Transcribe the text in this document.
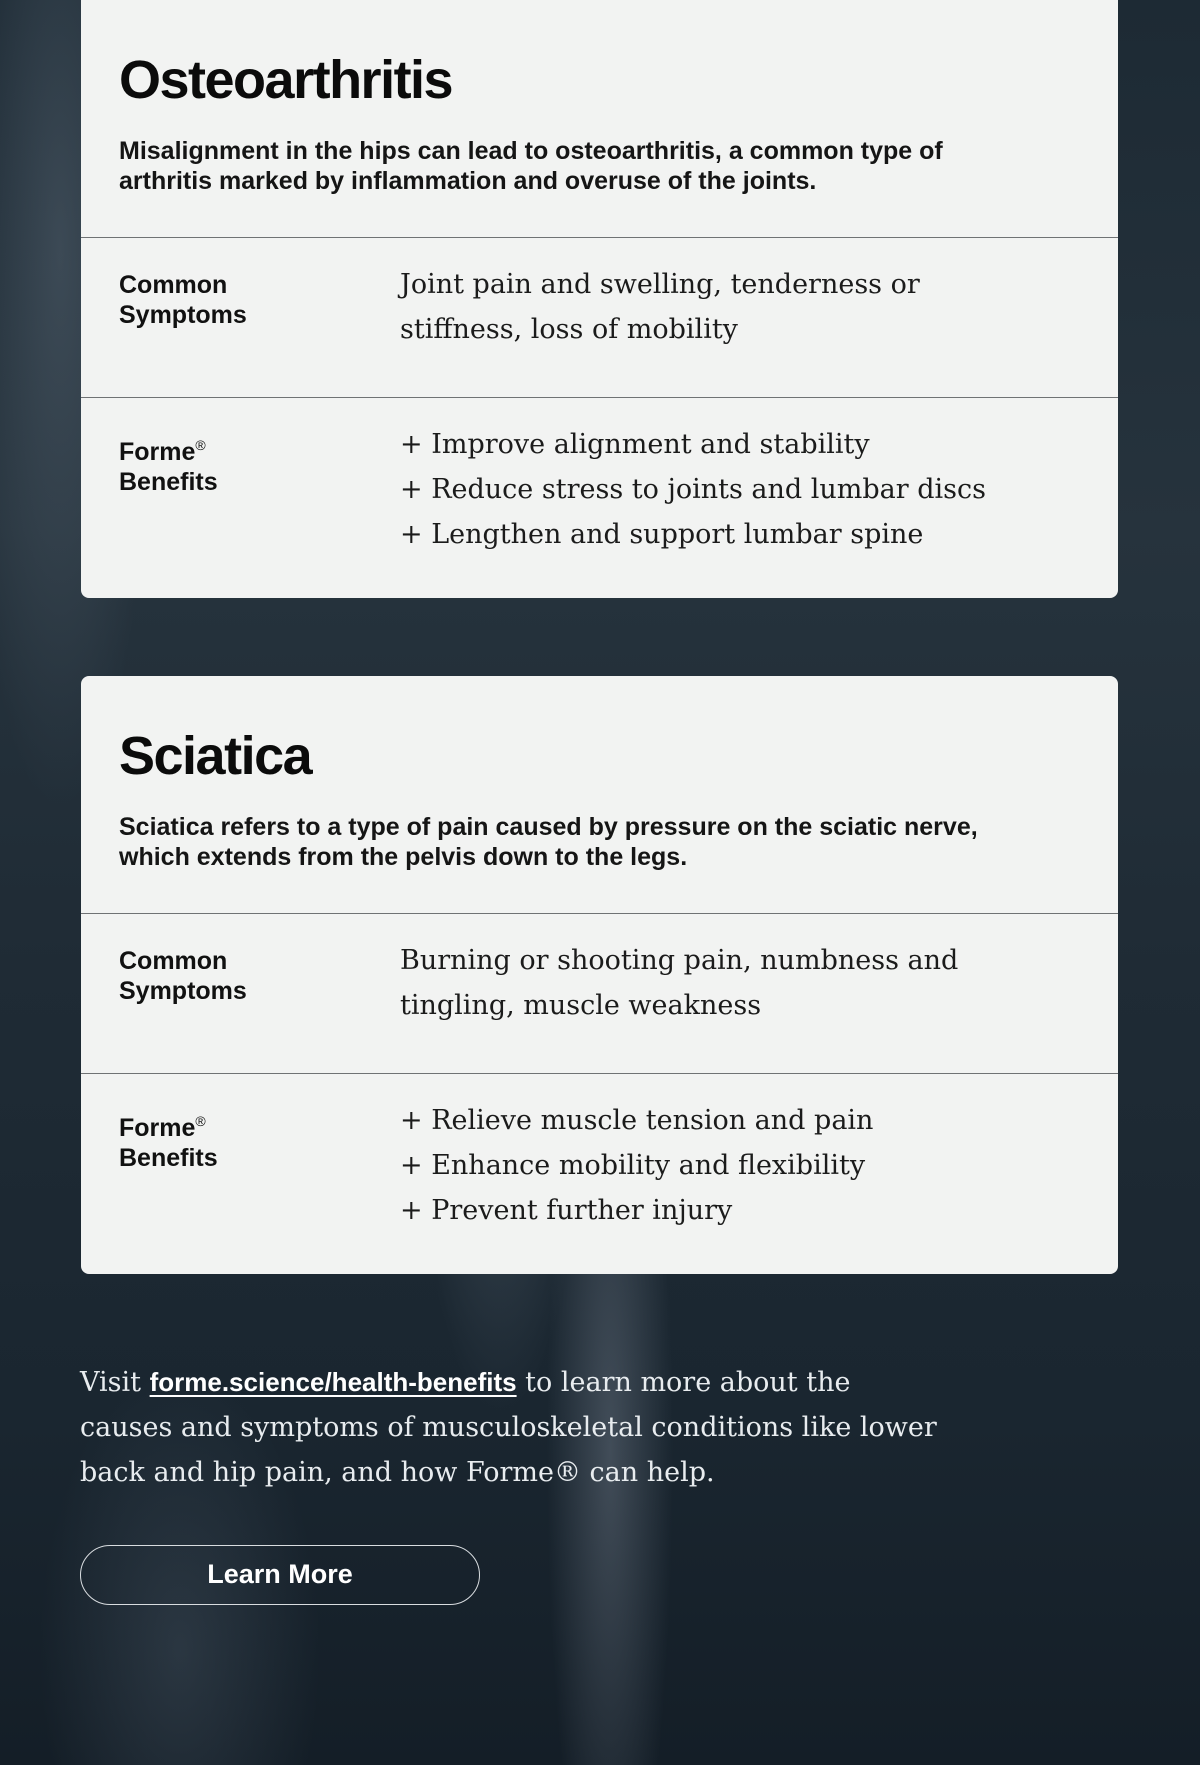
Osteoarthritis

Misalignment in the hips can lead to osteoarthritis, a common type of arthritis marked by inflammation and overuse of the joints.

Common
Symptoms
Joint pain and swelling, tenderness or stiffness, loss of mobility
Forme®
Benefits
+ Improve alignment and stability
+ Reduce stress to joints and lumbar discs
+ Lengthen and support lumbar spine
Sciatica

Sciatica refers to a type of pain caused by pressure on the sciatic nerve, which extends from the pelvis down to the legs.

Common
Symptoms
Burning or shooting pain, numbness and tingling, muscle weakness
Forme®
Benefits
+ Relieve muscle tension and pain
+ Enhance mobility and flexibility
+ Prevent further injury

Visit forme.science/health-benefits to learn more about the causes and symptoms of musculoskeletal conditions like lower back and hip pain, and how Forme® can help.

Learn More
